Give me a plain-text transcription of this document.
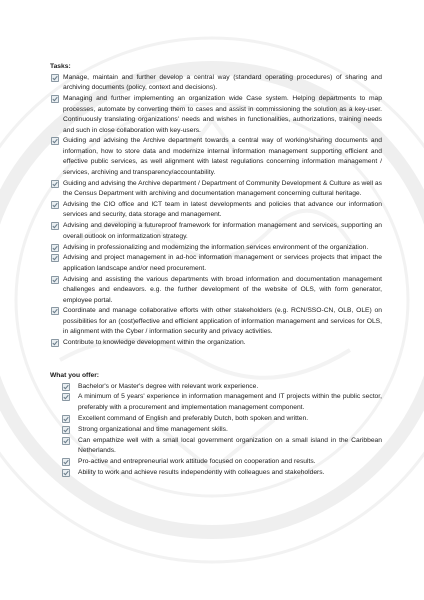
Tasks:
Manage, maintain and further develop a central way (standard operating procedures) of sharing and archiving documents (policy, context and decisions).
Managing and further implementing an organization wide Case system. Helping departments to map processes, automate by converting them to cases and assist in commissioning the solution as a key-user. Continuously translating organizations' needs and wishes in functionalities, authorizations, training needs and such in close collaboration with key-users.
Guiding and advising the Archive department towards a central way of working/sharing documents and information, how to store data and modernize internal information management supporting efficient and effective public services, as well alignment with latest regulations concerning information management / services, archiving and transparency/accountability.
Guiding and advising the Archive department / Department of Community Development & Culture as well as the Census Department with archiving and documentation management concerning cultural heritage.
Advising the CIO office and ICT team in latest developments and policies that advance our information services and security, data storage and management.
Advising and developing a futureproof framework for information management and services, supporting an overall outlook on informatization strategy.
Advising in professionalizing and modernizing the information services environment of the organization.
Advising and project management in ad-hoc information management or services projects that impact the application landscape and/or need procurement.
Advising and assisting the various departments with broad information and documentation management challenges and endeavors. e.g. the further development of the website of OLS, with form generator, employee portal.
Coordinate and manage collaborative efforts with other stakeholders (e.g. RCN/SSO-CN, OLB, OLE) on possibilities for an (cost)effective and efficient application of information management and services for OLS, in alignment with the Cyber / information security and privacy activities.
Contribute to knowledge development within the organization.
What you offer:
Bachelor's or Master's degree with relevant work experience.
A minimum of 5 years' experience in information management and IT projects within the public sector, preferably with a procurement and implementation management component.
Excellent command of English and preferably Dutch, both spoken and written.
Strong organizational and time management skills.
Can empathize well with a small local government organization on a small island in the Caribbean Netherlands.
Pro-active and entrepreneurial work attitude focused on cooperation and results.
Ability to work and achieve results independently with colleagues and stakeholders.
